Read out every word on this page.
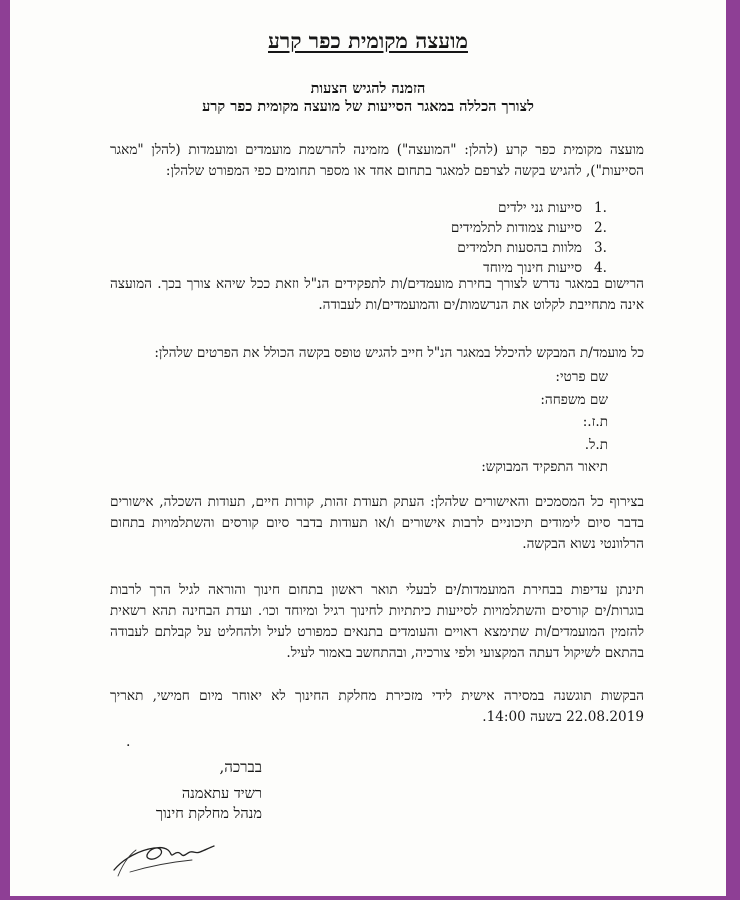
מועצה מקומית כפר קרע

הזמנה להגיש הצעות

לצורך הכללה במאגר הסייעות של מועצה מקומית כפר קרע

מועצה מקומית כפר קרע (להלן: "המועצה") מזמינה להרשמת מועמדים ומועמדות (להלן "מאגר הסייעות"), להגיש בקשה לצרפם למאגר בתחום אחד או מספר תחומים כפי המפורט שלהלן:

1.
סייעות גני ילדים
2.
סייעות צמודות לתלמידים
3.
מלוות בהסעות תלמידים
4.
סייעות חינוך מיוחד

הרישום במאגר נדרש לצורך בחירת מועמדים/ות לתפקידים הנ"ל וזאת ככל שיהא צורך בכך. המועצה אינה מתחייבת לקלוט את הנרשמות/ים והמועמדים/ות לעבודה.

כל מועמד/ת המבקש להיכלל במאגר הנ"ל חייב להגיש טופס בקשה הכולל את הפרטים שלהלן:

שם פרטי:
שם משפחה:
ת.ז.:
ת.ל.
תיאור התפקיד המבוקש:

בצירוף כל המסמכים והאישורים שלהלן: העתק תעודת זהות, קורות חיים, תעודות השכלה, אישורים בדבר סיום לימודים תיכוניים לרבות אישורים ו/או תעודות בדבר סיום קורסים והשתלמויות בתחום הרלוונטי נשוא הבקשה.

תינתן עדיפות בבחירת המועמדות/ים לבעלי תואר ראשון בתחום חינוך והוראה לגיל הרך לרבות בוגרות/ים קורסים והשתלמויות לסייעות כיתתיות לחינוך רגיל ומיוחד וכו׳. ועדת הבחינה תהא רשאית להזמין המועמדים/ות שתימצא ראויים והעומדים בתנאים כמפורט לעיל ולהחליט על קבלתם לעבודה בהתאם לשיקול דעתה המקצועי ולפי צורכיה, ובהתחשב באמור לעיל.

הבקשות תוגשנה במסירה אישית לידי מזכירת מחלקת החינוך לא יאוחר מיום חמישי, תאריך 22.08.2019 בשעה 14:00.

.

בברכה,

רשיד עתאמנה
מנהל מחלקת חינוך
